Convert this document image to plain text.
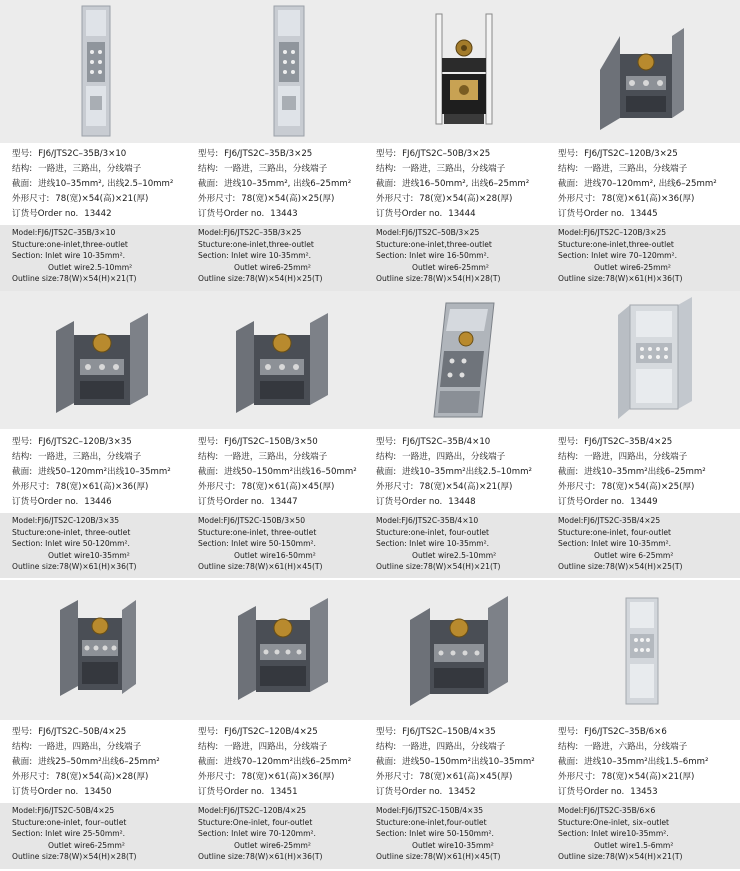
型号: FJ6/JTS2C–35B/3×10
结构: 一路进，三路出，分线端子
截面: 进线10–35mm², 出线2.5–10mm²
外形尺寸: 78(宽)×54(高)×21(厚)
订货号Order no. 13442
Model:FJ6/JTS2C–35B/3×10
Stucture:one-inlet,three-outlet
Section: Inlet wire 10-35mm².
Outlet wire2.5-10mm²
Outline size:78(W)×54(H)×21(T)
型号: FJ6/JTS2C–35B/3×25
结构: 一路进，三路出，分线端子
截面: 进线10–35mm², 出线6–25mm²
外形尺寸: 78(宽)×54(高)×25(厚)
订货号Order no. 13443
Model:FJ6/JTS2C–35B/3×25
Stucture:one-inlet,three-outlet
Section: Inlet wire 10-35mm².
Outlet wire6-25mm²
Outline size:78(W)×54(H)×25(T)
型号: FJ6/JTS2C–50B/3×25
结构: 一路进，三路出，分线端子
截面: 进线16–50mm², 出线6–25mm²
外形尺寸: 78(宽)×54(高)×28(厚)
订货号Order no. 13444
Model:FJ6/JTS2C–50B/3×25
Stucture:one-inlet,three-outlet
Section: Inlet wire 16-50mm².
Outlet wire6-25mm²
Outline size:78(W)×54(H)×28(T)
型号: FJ6/JTS2C–120B/3×25
结构: 一路进，三路出，分线端子
截面: 进线70–120mm², 出线6–25mm²
外形尺寸: 78(宽)×61(高)×36(厚)
订货号Order no. 13445
Model:FJ6/JTS2C–120B/3×25
Stucture:one-inlet,three-outlet
Section: Inlet wire 70–120mm².
Outlet wire6-25mm²
Outline size:78(W)×61(H)×36(T)
型号: FJ6/JTS2C–120B/3×35
结构: 一路进，三路出，分线端子
截面: 进线50–120mm²出线10–35mm²
外形尺寸: 78(宽)×61(高)×36(厚)
订货号Order no. 13446
Model:FJ6/JTS2C-120B/3×35
Stucture:one-inlet, three-outlet
Section: Inlet wire 50-120mm².
Outlet wire10-35mm²
Outline size:78(W)×61(H)×36(T)
型号: FJ6/JTS2C–150B/3×50
结构: 一路进，三路出，分线端子
截面: 进线50–150mm²出线16–50mm²
外形尺寸: 78(宽)×61(高)×45(厚)
订货号Order no. 13447
Model:FJ6/JTS2C-150B/3×50
Stucture:one-inlet, three-outlet
Section: Inlet wire 50-150mm².
Outlet wire16-50mm²
Outline size:78(W)×61(H)×45(T)
型号: FJ6/JTS2C–35B/4×10
结构: 一路进，四路出，分线端子
截面: 进线10–35mm²出线2.5–10mm²
外形尺寸: 78(宽)×54(高)×21(厚)
订货号Order no. 13448
Model:FJ6/JTS2C-35B/4×10
Stucture:one-inlet, four-outlet
Section: Inlet wire 10-35mm².
Outlet wire2.5-10mm²
Outline size:78(W)×54(H)×21(T)
型号: FJ6/JTS2C–35B/4×25
结构: 一路进，四路出，分线端子
截面: 进线10–35mm²出线6–25mm²
外形尺寸: 78(宽)×54(高)×25(厚)
订货号Order no. 13449
Model:FJ6/JTS2C-35B/4×25
Stucture:one-inlet, four-outlet
Section: Inlet wire 10-35mm².
Outlet wire 6-25mm²
Outline size:78(W)×54(H)×25(T)
型号: FJ6/JTS2C–50B/4×25
结构: 一路进，四路出，分线端子
截面: 进线25–50mm²出线6–25mm²
外形尺寸: 78(宽)×54(高)×28(厚)
订货号Order no. 13450
Model:FJ6/JTS2C-50B/4×25
Stucture:one-inlet, four–outlet
Section: Inlet wire 25-50mm².
Outlet wire6-25mm²
Outline size:78(W)×54(H)×28(T)
型号: FJ6/JTS2C–120B/4×25
结构: 一路进，四路出，分线端子
截面: 进线70–120mm²出线6–25mm²
外形尺寸: 78(宽)×61(高)×36(厚)
订货号Order no. 13451
Model:FJ6/JTS2C–120B/4×25
Stucture:One-inlet, four-outlet
Section: Inlet wire 70-120mm².
Outlet wire6-25mm²
Outline size:78(W)×61(H)×36(T)
型号: FJ6/JTS2C–150B/4×35
结构: 一路进，四路出，分线端子
截面: 进线50–150mm²出线10–35mm²
外形尺寸: 78(宽)×61(高)×45(厚)
订货号Order no. 13452
Model:FJ6/JTS2C-150B/4×35
Stucture:one-inlet,four-outlet
Section: Inlet wire 50-150mm².
Outlet wire10-35mm²
Outline size:78(W)×61(H)×45(T)
型号: FJ6/JTS2C–35B/6×6
结构: 一路进，六路出，分线端子
截面: 进线10–35mm²出线1.5–6mm²
外形尺寸: 78(宽)×54(高)×21(厚)
订货号Order no. 13453
Model:FJ6/JTS2C-35B/6×6
Stucture:One-inlet, six–outlet
Section: Inlet wire10-35mm².
Outlet wire1.5-6mm²
Outline size:78(W)×54(H)×21(T)
